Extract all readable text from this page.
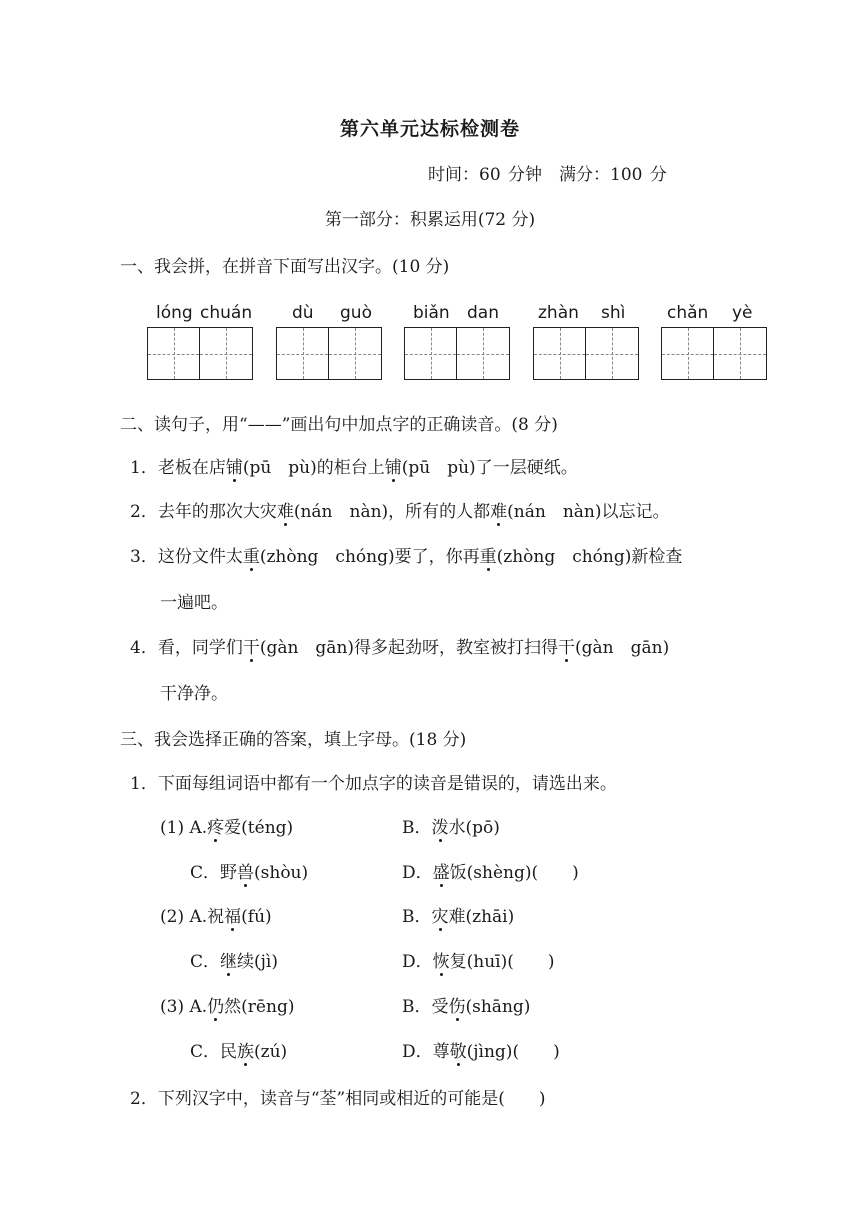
第六单元达标检测卷
时间：60 分钟　满分：100 分
第一部分：积累运用(72 分)
一、我会拼，在拼音下面写出汉字。(10 分)
lóng chuán dù guò biǎn dan zhàn shì chǎn yè
二、读句子，用“——”画出句中加点字的正确读音。(8 分)
1．老板在店铺(pū　pù)的柜台上铺(pū　pù)了一层硬纸。
2．去年的那次大灾难(nán　nàn)，所有的人都难(nán　nàn)以忘记。
3．这份文件太重(zhòng　chóng)要了，你再重(zhòng　chóng)新检查
一遍吧。
4．看，同学们干(gàn　gān)得多起劲呀，教室被打扫得干(gàn　gān)
干净净。
三、我会选择正确的答案，填上字母。(18 分)
1．下面每组词语中都有一个加点字的读音是错误的，请选出来。
(1) A.疼爱(téng)	B．泼水(pō)
C．野兽(shòu)	D．盛饭(shèng)(　　)
(2) A.祝福(fú)	B．灾难(zhāi)
C．继续(jì)	D．恢复(huī)(　　)
(3) A.仍然(rēng)	B．受伤(shāng)
C．民族(zú)	D．尊敬(jìng)(　　)
2．下列汉字中，读音与“荃”相同或相近的可能是(　　)
